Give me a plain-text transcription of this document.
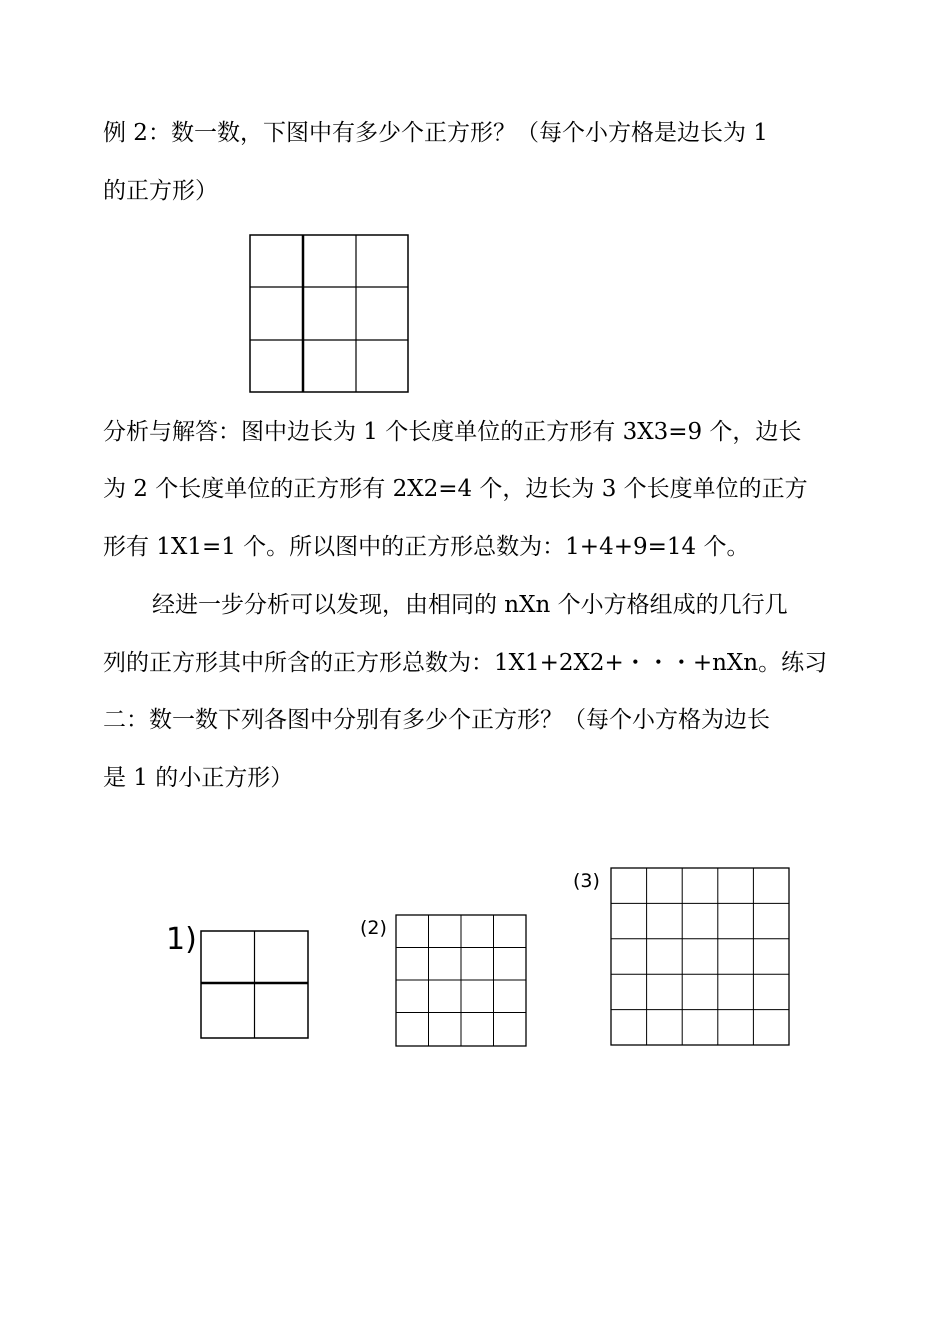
例 2：数一数，下图中有多少个正方形？（每个小方格是边长为 1

的正方形）

分析与解答：图中边长为 1 个长度单位的正方形有 3X3=9 个，边长

为 2 个长度单位的正方形有 2X2=4 个，边长为 3 个长度单位的正方

形有 1X1=1 个。所以图中的正方形总数为：1+4+9=14 个。

经进一步分析可以发现，由相同的 nXn 个小方格组成的几行几

列的正方形其中所含的正方形总数为：1X1+2X2+・・・+nXn。练习

二：数一数下列各图中分别有多少个正方形？（每个小方格为边长

是 1 的小正方形）

1)	(2)
(3)
